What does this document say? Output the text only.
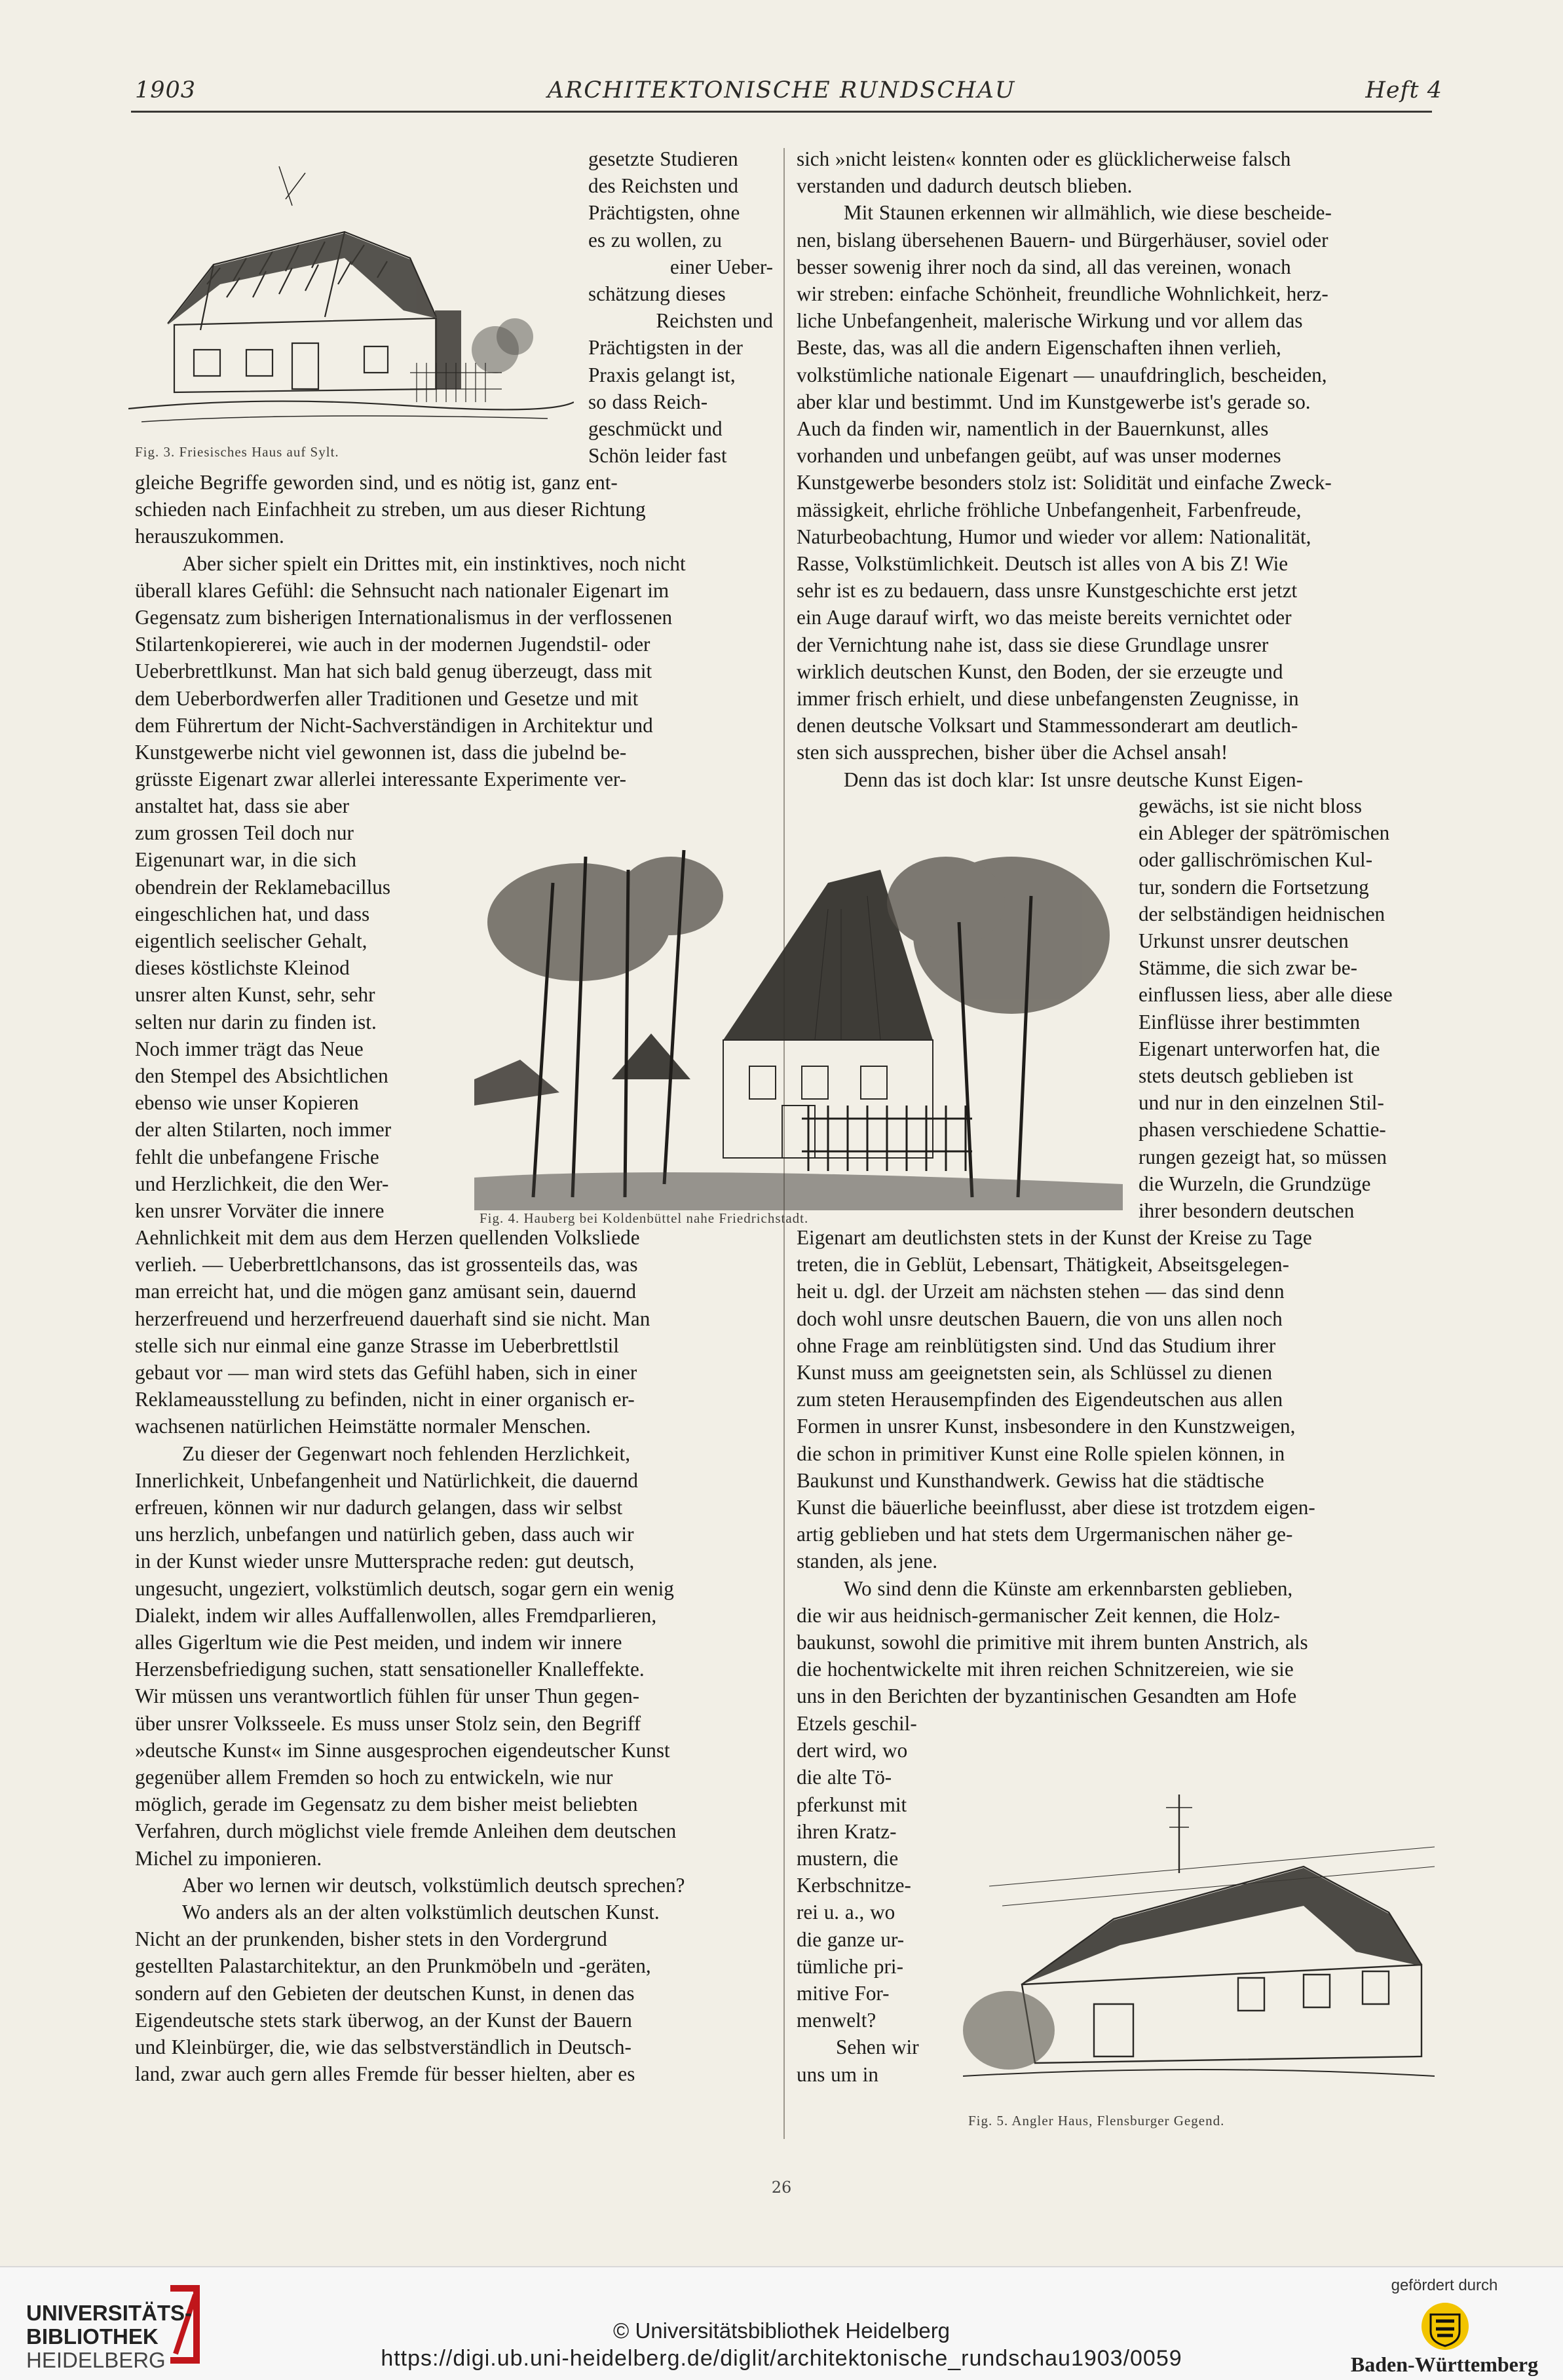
ARCHITEKTONISCHE RUNDSCHAU
1903	Heft 4
Fig. 3. Friesisches Haus auf Sylt.
gesetzte Studieren
des Reichsten und
Prächtigsten, ohne
es zu wollen, zu
einer Ueber-
schätzung dieses
Reichsten und
Prächtigsten in der
Praxis gelangt ist,
so dass Reich-
geschmückt und
Schön leider fast
gleiche Begriffe geworden sind, und es nötig ist, ganz ent-
schieden nach Einfachheit zu streben, um aus dieser Richtung
herauszukommen.
Aber sicher spielt ein Drittes mit, ein instinktives, noch nicht
überall klares Gefühl: die Sehnsucht nach nationaler Eigenart im
Gegensatz zum bisherigen Internationalismus in der verflossenen
Stilartenkopiererei, wie auch in der modernen Jugendstil- oder
Ueberbrettlkunst. Man hat sich bald genug überzeugt, dass mit
dem Ueberbordwerfen aller Traditionen und Gesetze und mit
dem Führertum der Nicht-Sachverständigen in Architektur und
Kunstgewerbe nicht viel gewonnen ist, dass die jubelnd be-
grüsste Eigenart zwar allerlei interessante Experimente ver-
anstaltet hat, dass sie aber
zum grossen Teil doch nur
Eigenunart war, in die sich
obendrein der Reklamebacillus
eingeschlichen hat, und dass
eigentlich seelischer Gehalt,
dieses köstlichste Kleinod
unsrer alten Kunst, sehr, sehr
selten nur darin zu finden ist.
Noch immer trägt das Neue
den Stempel des Absichtlichen
ebenso wie unser Kopieren
der alten Stilarten, noch immer
fehlt die unbefangene Frische
und Herzlichkeit, die den Wer-
ken unsrer Vorväter die innere	Fig. 4. Hauberg bei Koldenbüttel nahe Friedrichstadt.
Aehnlichkeit mit dem aus dem Herzen quellenden Volksliede
verlieh. — Ueberbrettlchansons, das ist grossenteils das, was
man erreicht hat, und die mögen ganz amüsant sein, dauernd
herzerfreuend und herzerfreuend dauerhaft sind sie nicht. Man
stelle sich nur einmal eine ganze Strasse im Ueberbrettlstil
gebaut vor — man wird stets das Gefühl haben, sich in einer
Reklameausstellung zu befinden, nicht in einer organisch er-
wachsenen natürlichen Heimstätte normaler Menschen.
Zu dieser der Gegenwart noch fehlenden Herzlichkeit,
Innerlichkeit, Unbefangenheit und Natürlichkeit, die dauernd
erfreuen, können wir nur dadurch gelangen, dass wir selbst
uns herzlich, unbefangen und natürlich geben, dass auch wir
in der Kunst wieder unsre Muttersprache reden: gut deutsch,
ungesucht, ungeziert, volkstümlich deutsch, sogar gern ein wenig
Dialekt, indem wir alles Auffallenwollen, alles Fremdparlieren,
alles Gigerltum wie die Pest meiden, und indem wir innere
Herzensbefriedigung suchen, statt sensationeller Knalleffekte.
Wir müssen uns verantwortlich fühlen für unser Thun gegen-
über unsrer Volksseele. Es muss unser Stolz sein, den Begriff
»deutsche Kunst« im Sinne ausgesprochen eigendeutscher Kunst
gegenüber allem Fremden so hoch zu entwickeln, wie nur
möglich, gerade im Gegensatz zu dem bisher meist beliebten
Verfahren, durch möglichst viele fremde Anleihen dem deutschen
Michel zu imponieren.
Aber wo lernen wir deutsch, volkstümlich deutsch sprechen?
Wo anders als an der alten volkstümlich deutschen Kunst.
Nicht an der prunkenden, bisher stets in den Vordergrund
gestellten Palastarchitektur, an den Prunkmöbeln und -geräten,
sondern auf den Gebieten der deutschen Kunst, in denen das
Eigendeutsche stets stark überwog, an der Kunst der Bauern
und Kleinbürger, die, wie das selbstverständlich in Deutsch-
land, zwar auch gern alles Fremde für besser hielten, aber es
sich »nicht leisten« konnten oder es glücklicherweise falsch
verstanden und dadurch deutsch blieben.
Mit Staunen erkennen wir allmählich, wie diese bescheide-
nen, bislang übersehenen Bauern- und Bürgerhäuser, soviel oder
besser sowenig ihrer noch da sind, all das vereinen, wonach
wir streben: einfache Schönheit, freundliche Wohnlichkeit, herz-
liche Unbefangenheit, malerische Wirkung und vor allem das
Beste, das, was all die andern Eigenschaften ihnen verlieh,
volkstümliche nationale Eigenart — unaufdringlich, bescheiden,
aber klar und bestimmt. Und im Kunstgewerbe ist's gerade so.
Auch da finden wir, namentlich in der Bauernkunst, alles
vorhanden und unbefangen geübt, auf was unser modernes
Kunstgewerbe besonders stolz ist: Solidität und einfache Zweck-
mässigkeit, ehrliche fröhliche Unbefangenheit, Farbenfreude,
Naturbeobachtung, Humor und wieder vor allem: Nationalität,
Rasse, Volkstümlichkeit. Deutsch ist alles von A bis Z! Wie
sehr ist es zu bedauern, dass unsre Kunstgeschichte erst jetzt
ein Auge darauf wirft, wo das meiste bereits vernichtet oder
der Vernichtung nahe ist, dass sie diese Grundlage unsrer
wirklich deutschen Kunst, den Boden, der sie erzeugte und
immer frisch erhielt, und diese unbefangensten Zeugnisse, in
denen deutsche Volksart und Stammessonderart am deutlich-
sten sich aussprechen, bisher über die Achsel ansah!
Denn das ist doch klar: Ist unsre deutsche Kunst Eigen-
gewächs, ist sie nicht bloss
ein Ableger der spätrömischen
oder gallischrömischen Kul-
tur, sondern die Fortsetzung
der selbständigen heidnischen
Urkunst unsrer deutschen
Stämme, die sich zwar be-
einflussen liess, aber alle diese
Einflüsse ihrer bestimmten
Eigenart unterworfen hat, die
stets deutsch geblieben ist
und nur in den einzelnen Stil-
phasen verschiedene Schattie-
rungen gezeigt hat, so müssen
die Wurzeln, die Grundzüge
ihrer besondern deutschen
Eigenart am deutlichsten stets in der Kunst der Kreise zu Tage
treten, die in Geblüt, Lebensart, Thätigkeit, Abseitsgelegen-
heit u. dgl. der Urzeit am nächsten stehen — das sind denn
doch wohl unsre deutschen Bauern, die von uns allen noch
ohne Frage am reinblütigsten sind. Und das Studium ihrer
Kunst muss am geeignetsten sein, als Schlüssel zu dienen
zum steten Herausempfinden des Eigendeutschen aus allen
Formen in unsrer Kunst, insbesondere in den Kunstzweigen,
die schon in primitiver Kunst eine Rolle spielen können, in
Baukunst und Kunsthandwerk. Gewiss hat die städtische
Kunst die bäuerliche beeinflusst, aber diese ist trotzdem eigen-
artig geblieben und hat stets dem Urgermanischen näher ge-
standen, als jene.
Wo sind denn die Künste am erkennbarsten geblieben,
die wir aus heidnisch-germanischer Zeit kennen, die Holz-
baukunst, sowohl die primitive mit ihrem bunten Anstrich, als
die hochentwickelte mit ihren reichen Schnitzereien, wie sie
uns in den Berichten der byzantinischen Gesandten am Hofe
Etzels geschil-
dert wird, wo
die alte Tö-
pferkunst mit
ihren Kratz-
mustern, die
Kerbschnitze-
rei u. a., wo
die ganze ur-
tümliche pri-
mitive For-
menwelt?
Sehen wir
uns um in
Fig. 5. Angler Haus, Flensburger Gegend.
26
UNIVERSITÄTS-
BIBLIOTHEK
HEIDELBERG
© Universitätsbibliothek Heidelberg
https://digi.ub.uni-heidelberg.de/diglit/architektonische_rundschau1903/0059
gefördert durch
Baden-Württemberg
